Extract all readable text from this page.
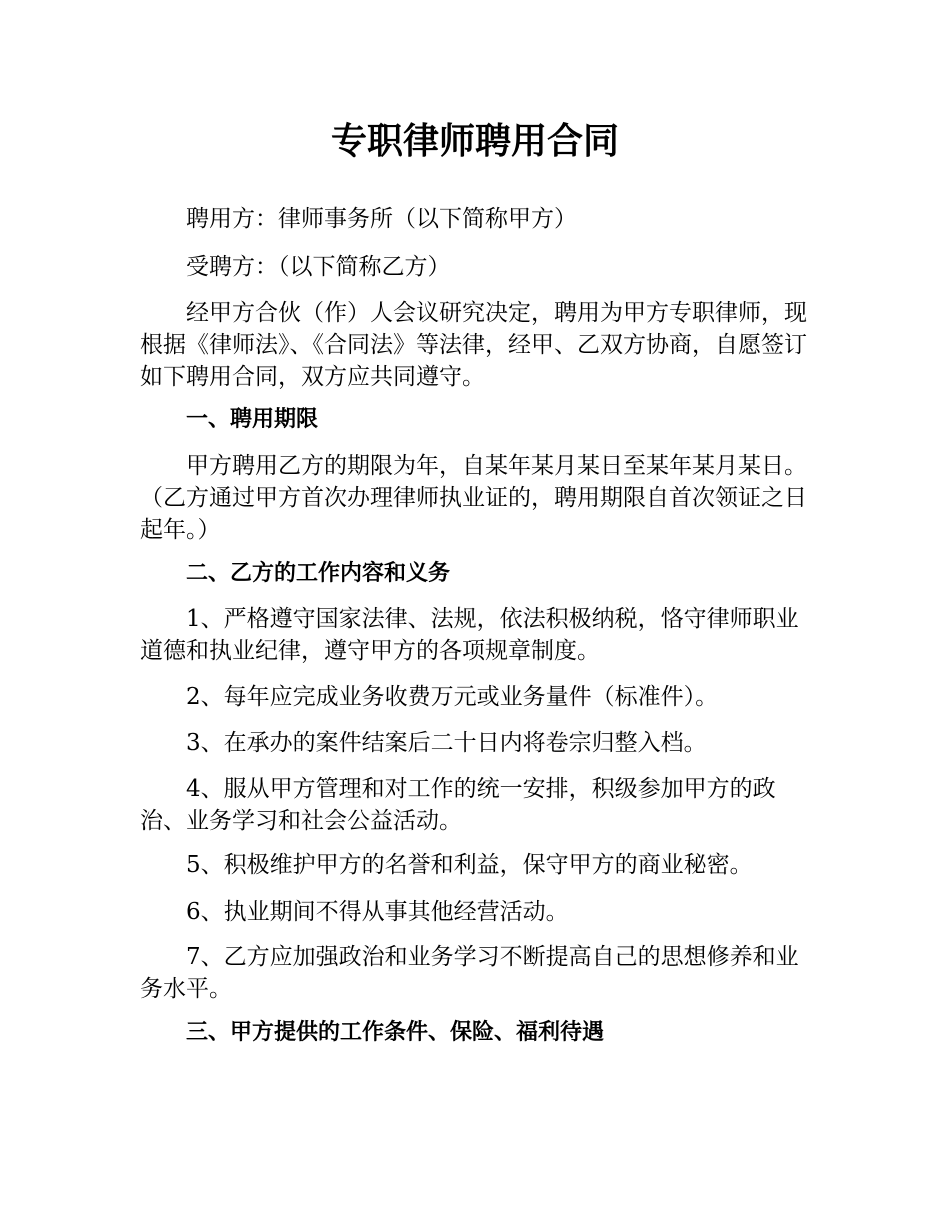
专职律师聘用合同

聘用方：律师事务所（以下简称甲方）

受聘方：（以下简称乙方）

经甲方合伙（作）人会议研究决定，聘用为甲方专职律师，现根据《律师法》、《合同法》等法律，经甲、乙双方协商，自愿签订如下聘用合同，双方应共同遵守。

一、聘用期限

甲方聘用乙方的期限为年，自某年某月某日至某年某月某日。（乙方通过甲方首次办理律师执业证的，聘用期限自首次领证之日起年。）

二、乙方的工作内容和义务

1、严格遵守国家法律、法规，依法积极纳税，恪守律师职业道德和执业纪律，遵守甲方的各项规章制度。

2、每年应完成业务收费万元或业务量件（标准件）。

3、在承办的案件结案后二十日内将卷宗归整入档。

4、服从甲方管理和对工作的统一安排，积级参加甲方的政治、业务学习和社会公益活动。

5、积极维护甲方的名誉和利益，保守甲方的商业秘密。

6、执业期间不得从事其他经营活动。

7、乙方应加强政治和业务学习不断提高自己的思想修养和业务水平。

三、甲方提供的工作条件、保险、福利待遇
